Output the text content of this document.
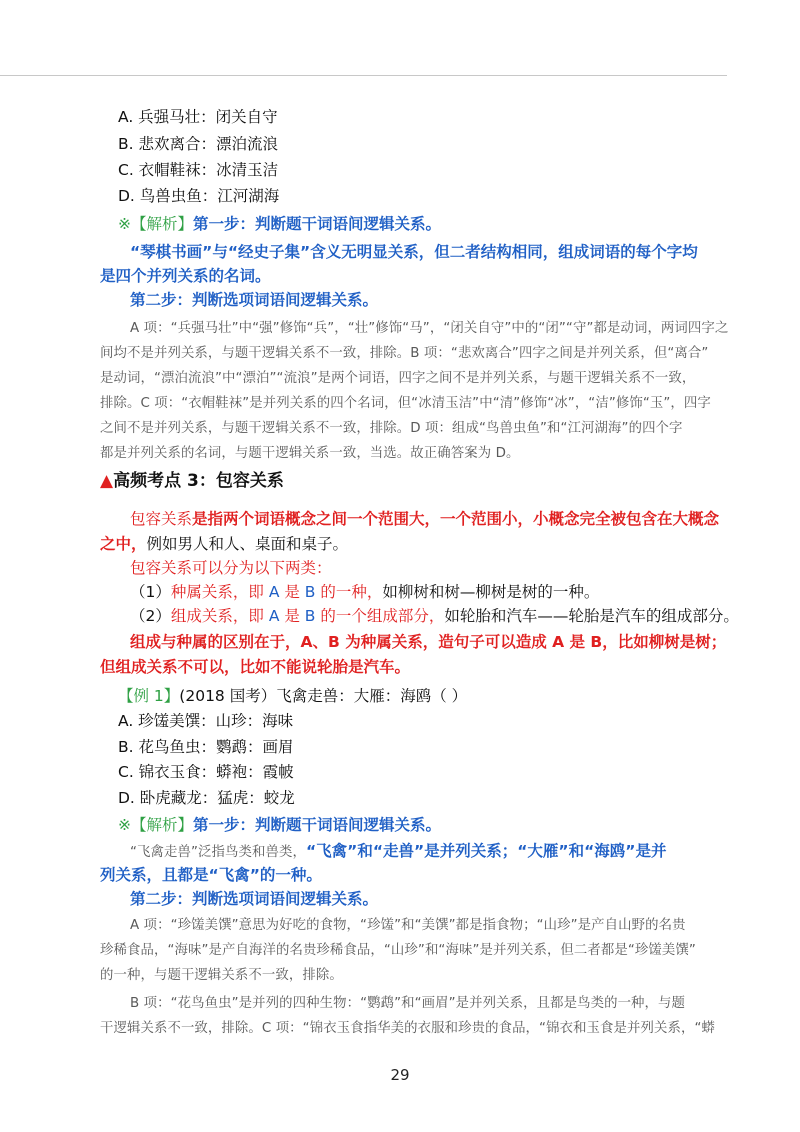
A. 兵强马壮：闭关自守
B. 悲欢离合：漂泊流浪
C. 衣帽鞋袜：冰清玉洁
D. 鸟兽虫鱼：江河湖海
※【解析】第一步：判断题干词语间逻辑关系。
“琴棋书画”与“经史子集”含义无明显关系，但二者结构相同，组成词语的每个字均
是四个并列关系的名词。
第二步：判断选项词语间逻辑关系。
A 项：“兵强马壮”中“强”修饰“兵”，“壮”修饰“马”，“闭关自守”中的“闭”“守”都是动词，两词四字之
间均不是并列关系，与题干逻辑关系不一致，排除。B 项：“悲欢离合”四字之间是并列关系，但“离合”
是动词，“漂泊流浪”中“漂泊”“流浪”是两个词语，四字之间不是并列关系，与题干逻辑关系不一致，
排除。C 项：“衣帽鞋袜”是并列关系的四个名词，但“冰清玉洁”中“清”修饰“冰”，“洁”修饰“玉”，四字
之间不是并列关系，与题干逻辑关系不一致，排除。D 项：组成“鸟兽虫鱼”和“江河湖海”的四个字
都是并列关系的名词，与题干逻辑关系一致，当选。故正确答案为 D。
▲高频考点 3：包容关系
包容关系是指两个词语概念之间一个范围大，一个范围小，小概念完全被包含在大概念
之中，例如男人和人、桌面和桌子。
包容关系可以分为以下两类：
（1）种属关系，即 A 是 B 的一种，如柳树和树—柳树是树的一种。
（2）组成关系，即 A 是 B 的一个组成部分，如轮胎和汽车——轮胎是汽车的组成部分。
组成与种属的区别在于，A、B 为种属关系，造句子可以造成 A 是 B，比如柳树是树；
但组成关系不可以，比如不能说轮胎是汽车。
【例 1】(2018 国考）飞禽走兽：大雁：海鸥（ ）
A. 珍馐美馔：山珍：海味
B. 花鸟鱼虫：鹦鹉：画眉
C. 锦衣玉食：蟒袍：霞帔
D. 卧虎藏龙：猛虎：蛟龙
※【解析】第一步：判断题干词语间逻辑关系。
“飞禽走兽”泛指鸟类和兽类，“飞禽”和“走兽”是并列关系；“大雁”和“海鸥”是并
列关系，且都是“飞禽”的一种。
第二步：判断选项词语间逻辑关系。
A 项：“珍馐美馔”意思为好吃的食物，“珍馐”和“美馔”都是指食物；“山珍”是产自山野的名贵
珍稀食品，“海味”是产自海洋的名贵珍稀食品，“山珍”和“海味”是并列关系，但二者都是“珍馐美馔”
的一种，与题干逻辑关系不一致，排除。
B 项：“花鸟鱼虫”是并列的四种生物：“鹦鹉”和“画眉”是并列关系，且都是鸟类的一种，与题
干逻辑关系不一致，排除。C 项：“锦衣玉食指华美的衣服和珍贵的食品，“锦衣和玉食是并列关系，“蟒
29
